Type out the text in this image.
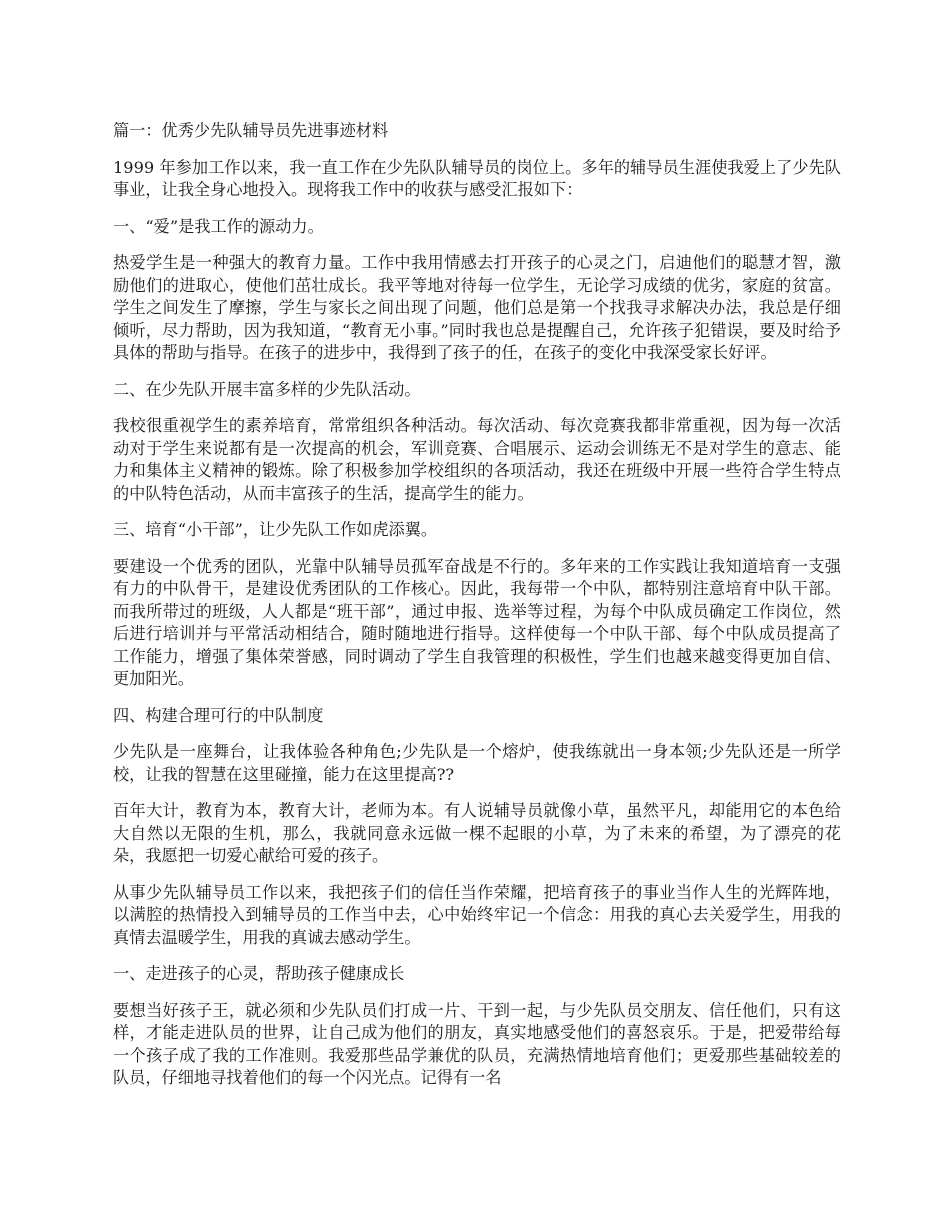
篇一：优秀少先队辅导员先进事迹材料

1999 年参加工作以来，我一直工作在少先队队辅导员的岗位上。多年的辅导员生涯使我爱上了少先队事业，让我全身心地投入。现将我工作中的收获与感受汇报如下：

一、“爱”是我工作的源动力。

热爱学生是一种强大的教育力量。工作中我用情感去打开孩子的心灵之门，启迪他们的聪慧才智，激励他们的进取心，使他们茁壮成长。我平等地对待每一位学生，无论学习成绩的优劣，家庭的贫富。学生之间发生了摩擦，学生与家长之间出现了问题，他们总是第一个找我寻求解决办法，我总是仔细倾听，尽力帮助，因为我知道，“教育无小事。”同时我也总是提醒自己，允许孩子犯错误，要及时给予具体的帮助与指导。在孩子的进步中，我得到了孩子的任，在孩子的变化中我深受家长好评。

二、在少先队开展丰富多样的少先队活动。

我校很重视学生的素养培育，常常组织各种活动。每次活动、每次竞赛我都非常重视，因为每一次活动对于学生来说都有是一次提高的机会，军训竞赛、合唱展示、运动会训练无不是对学生的意志、能力和集体主义精神的锻炼。除了积极参加学校组织的各项活动，我还在班级中开展一些符合学生特点的中队特色活动，从而丰富孩子的生活，提高学生的能力。

三、培育“小干部”，让少先队工作如虎添翼。

要建设一个优秀的团队，光靠中队辅导员孤军奋战是不行的。多年来的工作实践让我知道培育一支强有力的中队骨干，是建设优秀团队的工作核心。因此，我每带一个中队，都特别注意培育中队干部。而我所带过的班级，人人都是“班干部”，通过申报、选举等过程，为每个中队成员确定工作岗位，然后进行培训并与平常活动相结合，随时随地进行指导。这样使每一个中队干部、每个中队成员提高了工作能力，增强了集体荣誉感，同时调动了学生自我管理的积极性，学生们也越来越变得更加自信、更加阳光。

四、构建合理可行的中队制度

少先队是一座舞台，让我体验各种角色;少先队是一个熔炉，使我练就出一身本领;少先队还是一所学校，让我的智慧在这里碰撞，能力在这里提高??

百年大计，教育为本，教育大计，老师为本。有人说辅导员就像小草，虽然平凡，却能用它的本色给大自然以无限的生机，那么，我就同意永远做一棵不起眼的小草，为了未来的希望，为了漂亮的花朵，我愿把一切爱心献给可爱的孩子。

从事少先队辅导员工作以来，我把孩子们的信任当作荣耀，把培育孩子的事业当作人生的光辉阵地，以满腔的热情投入到辅导员的工作当中去，心中始终牢记一个信念：用我的真心去关爱学生，用我的真情去温暖学生，用我的真诚去感动学生。

一、走进孩子的心灵，帮助孩子健康成长

要想当好孩子王，就必须和少先队员们打成一片、干到一起，与少先队员交朋友、信任他们，只有这样，才能走进队员的世界，让自己成为他们的朋友，真实地感受他们的喜怒哀乐。于是，把爱带给每一个孩子成了我的工作准则。我爱那些品学兼优的队员，充满热情地培育他们；更爱那些基础较差的队员，仔细地寻找着他们的每一个闪光点。记得有一名
